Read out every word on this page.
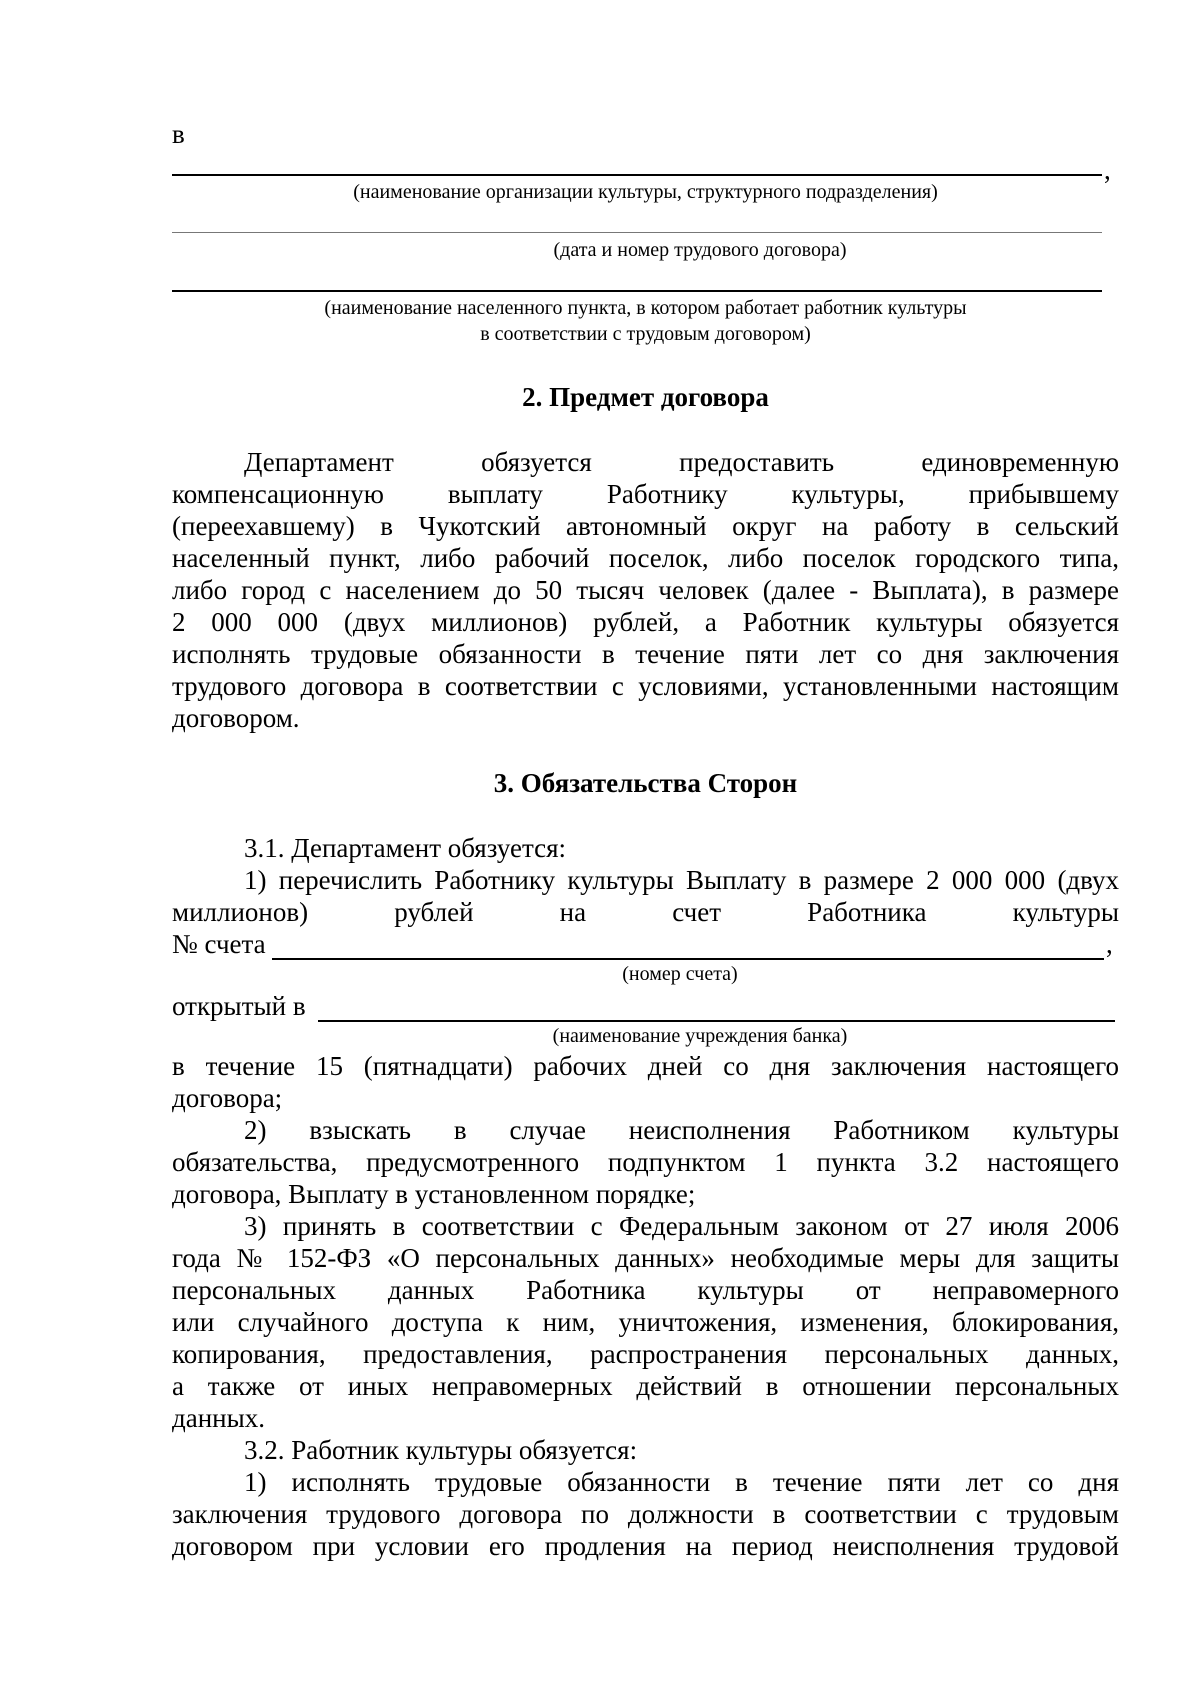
в
,
(наименование организации культуры, структурного подразделения)
(дата и номер трудового договора)
(наименование населенного пункта, в котором работает работник культуры
в соответствии с трудовым договором)
2. Предмет договора
Департамент обязуется предоставить единовременную
компенсационную выплату Работнику культуры, прибывшему
(переехавшему) в Чукотский автономный округ на работу в сельский
населенный пункт, либо рабочий поселок, либо поселок городского типа,
либо город с населением до 50 тысяч человек (далее - Выплата), в размере
2 000 000 (двух миллионов) рублей, а Работник культуры обязуется
исполнять трудовые обязанности в течение пяти лет со дня заключения
трудового договора в соответствии с условиями, установленными настоящим
договором.
3. Обязательства Сторон
3.1. Департамент обязуется:
1) перечислить Работнику культуры Выплату в размере 2 000 000 (двух
миллионов) рублей на счет Работника культуры
№ счета	,
(номер счета)
открытый в
(наименование учреждения банка)
в течение 15 (пятнадцати) рабочих дней со дня заключения настоящего
договора;
2) взыскать в случае неисполнения Работником культуры
обязательства, предусмотренного подпунктом 1 пункта 3.2 настоящего
договора, Выплату в установленном порядке;
3) принять в соответствии с Федеральным законом от 27 июля 2006
года № 152-ФЗ «О персональных данных» необходимые меры для защиты
персональных данных Работника культуры от неправомерного
или случайного доступа к ним, уничтожения, изменения, блокирования,
копирования, предоставления, распространения персональных данных,
а также от иных неправомерных действий в отношении персональных
данных.
3.2. Работник культуры обязуется:
1) исполнять трудовые обязанности в течение пяти лет со дня
заключения трудового договора по должности в соответствии с трудовым
договором при условии его продления на период неисполнения трудовой
